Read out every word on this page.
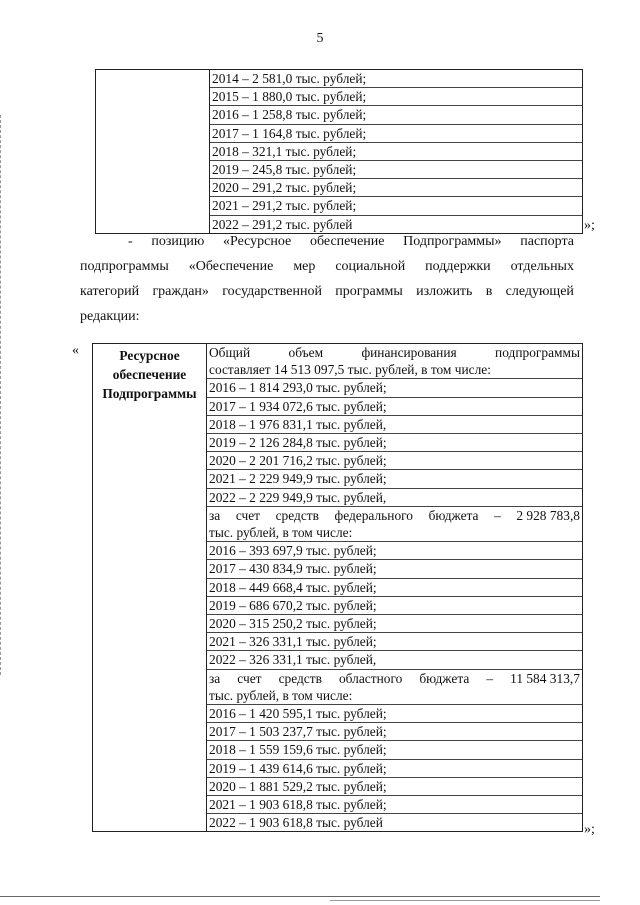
5

2014 – 2 581,0 тыс. рублей;
2015 – 1 880,0 тыс. рублей;
2016 – 1 258,8 тыс. рублей;
2017 – 1 164,8 тыс. рублей;
2018 – 321,1 тыс. рублей;
2019 – 245,8 тыс. рублей;
2020 – 291,2 тыс. рублей;
2021 – 291,2 тыс. рублей;
2022 – 291,2 тыс. рублей	»;
- позицию «Ресурсное обеспечение Подпрограммы» паспорта
подпрограммы «Обеспечение мер социальной поддержки отдельных
категорий граждан» государственной программы изложить в следующей
редакции:
«	Ресурсное
обеспечение
Подпрограммы

Общий	объем	финансирования	подпрограммы
составляет 14 513 097,5 тыс. рублей, в том числе:
2016 – 1 814 293,0 тыс. рублей;
2017 – 1 934 072,6 тыс. рублей;
2018 – 1 976 831,1 тыс. рублей,
2019 – 2 126 284,8 тыс. рублей;
2020 – 2 201 716,2 тыс. рублей;
2021 – 2 229 949,9 тыс. рублей;
2022 – 2 229 949,9 тыс. рублей,
за счет средств федерального бюджета – 2 928 783,8
тыс. рублей, в том числе:
2016 – 393 697,9 тыс. рублей;
2017 – 430 834,9 тыс. рублей;
2018 – 449 668,4 тыс. рублей;
2019 – 686 670,2 тыс. рублей;
2020 – 315 250,2 тыс. рублей;
2021 – 326 331,1 тыс. рублей;
2022 – 326 331,1 тыс. рублей,
за счет средств областного бюджета – 11 584 313,7
тыс. рублей, в том числе:
2016 – 1 420 595,1 тыс. рублей;
2017 – 1 503 237,7 тыс. рублей;
2018 – 1 559 159,6 тыс. рублей;
2019 – 1 439 614,6 тыс. рублей;
2020 – 1 881 529,2 тыс. рублей;
2021 – 1 903 618,8 тыс. рублей;
2022 – 1 903 618,8 тыс. рублей	»;
